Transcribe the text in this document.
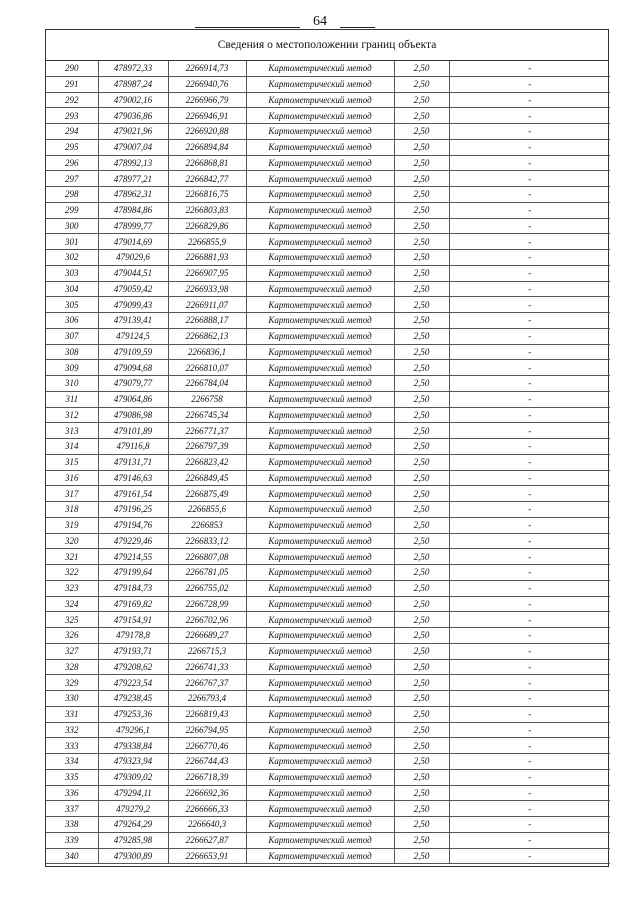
64
Сведения о местоположении границ объекта
290	478972,33	2266914,73	Картометрический метод	2,50	-
291	478987,24	2266940,76	Картометрический метод	2,50	-
292	479002,16	2266966,79	Картометрический метод	2,50	-
293	479036,86	2266946,91	Картометрический метод	2,50	-
294	479021,96	2266920,88	Картометрический метод	2,50	-
295	479007,04	2266894,84	Картометрический метод	2,50	-
296	478992,13	2266868,81	Картометрический метод	2,50	-
297	478977,21	2266842,77	Картометрический метод	2,50	-
298	478962,31	2266816,75	Картометрический метод	2,50	-
299	478984,86	2266803,83	Картометрический метод	2,50	-
300	478999,77	2266829,86	Картометрический метод	2,50	-
301	479014,69	2266855,9	Картометрический метод	2,50	-
302	479029,6	2266881,93	Картометрический метод	2,50	-
303	479044,51	2266907,95	Картометрический метод	2,50	-
304	479059,42	2266933,98	Картометрический метод	2,50	-
305	479099,43	2266911,07	Картометрический метод	2,50	-
306	479139,41	2266888,17	Картометрический метод	2,50	-
307	479124,5	2266862,13	Картометрический метод	2,50	-
308	479109,59	2266836,1	Картометрический метод	2,50	-
309	479094,68	2266810,07	Картометрический метод	2,50	-
310	479079,77	2266784,04	Картометрический метод	2,50	-
311	479064,86	2266758	Картометрический метод	2,50	-
312	479086,98	2266745,34	Картометрический метод	2,50	-
313	479101,89	2266771,37	Картометрический метод	2,50	-
314	479116,8	2266797,39	Картометрический метод	2,50	-
315	479131,71	2266823,42	Картометрический метод	2,50	-
316	479146,63	2266849,45	Картометрический метод	2,50	-
317	479161,54	2266875,49	Картометрический метод	2,50	-
318	479196,25	2266855,6	Картометрический метод	2,50	-
319	479194,76	2266853	Картометрический метод	2,50	-
320	479229,46	2266833,12	Картометрический метод	2,50	-
321	479214,55	2266807,08	Картометрический метод	2,50	-
322	479199,64	2266781,05	Картометрический метод	2,50	-
323	479184,73	2266755,02	Картометрический метод	2,50	-
324	479169,82	2266728,99	Картометрический метод	2,50	-
325	479154,91	2266702,96	Картометрический метод	2,50	-
326	479178,8	2266689,27	Картометрический метод	2,50	-
327	479193,71	2266715,3	Картометрический метод	2,50	-
328	479208,62	2266741,33	Картометрический метод	2,50	-
329	479223,54	2266767,37	Картометрический метод	2,50	-
330	479238,45	2266793,4	Картометрический метод	2,50	-
331	479253,36	2266819,43	Картометрический метод	2,50	-
332	479296,1	2266794,95	Картометрический метод	2,50	-
333	479338,84	2266770,46	Картометрический метод	2,50	-
334	479323,94	2266744,43	Картометрический метод	2,50	-
335	479309,02	2266718,39	Картометрический метод	2,50	-
336	479294,11	2266692,36	Картометрический метод	2,50	-
337	479279,2	2266666,33	Картометрический метод	2,50	-
338	479264,29	2266640,3	Картометрический метод	2,50	-
339	479285,98	2266627,87	Картометрический метод	2,50	-
340	479300,89	2266653,91	Картометрический метод	2,50	-
